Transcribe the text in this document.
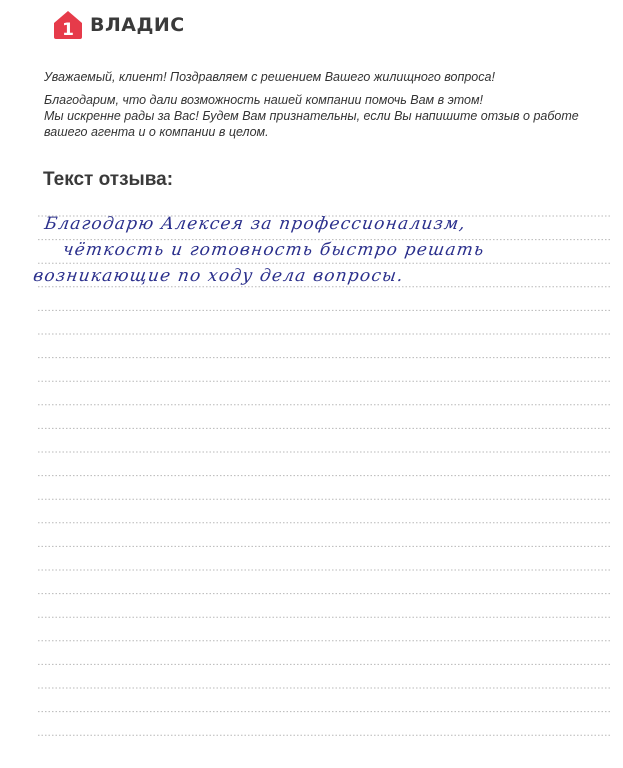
1 ВЛАДИС

Уважаемый, клиент! Поздравляем с решением Вашего жилищного вопроса!

Благодарим, что дали возможность нашей компании помочь Вам в этом!

Мы искренне рады за Вас! Будем Вам признательны, если Вы напишите отзыв о работе

вашего агента и о компании в целом.

Текст отзыва:
Благодарю Алексея за профессионализм,
чёткость и готовность быстро решать
возникающие по ходу дела вопросы.
